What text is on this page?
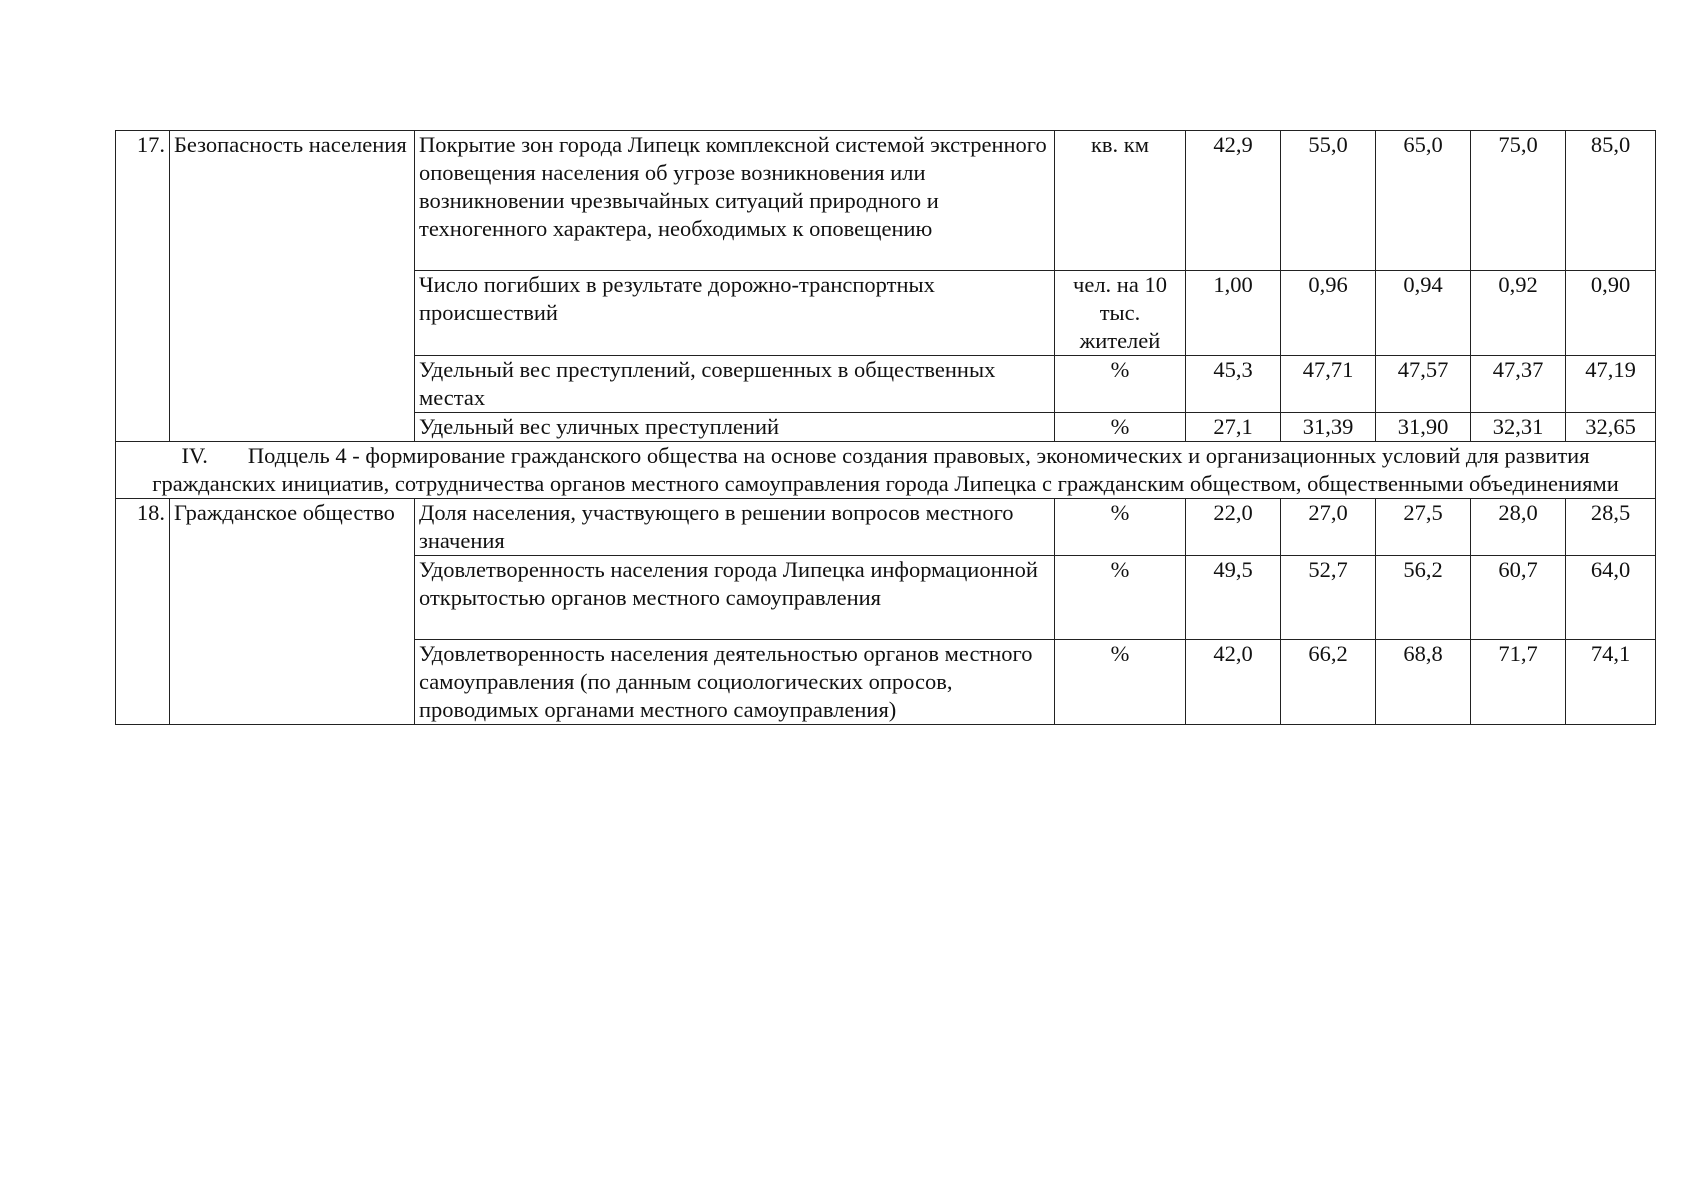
17.	Безопасность населения	Покрытие зон города Липецк комплексной системой экстренного оповещения населения об угрозе возникновения или возникновении чрезвычайных ситуаций природного и техногенного характера, необходимых к оповещению	кв. км	42,9	55,0	65,0	75,0	85,0
		Число погибших в результате дорожно-транспортных происшествий	чел. на 10 тыс. жителей	1,00	0,96	0,94	0,92	0,90
		Удельный вес преступлений, совершенных в общественных местах	%	45,3	47,71	47,57	47,37	47,19
		Удельный вес уличных преступлений	%	27,1	31,39	31,90	32,31	32,65
IV. Подцель 4 - формирование гражданского общества на основе создания правовых, экономических и организационных условий для развития гражданских инициатив, сотрудничества органов местного самоуправления города Липецка с гражданским обществом, общественными объединениями								
18.	Гражданское общество	Доля населения, участвующего в решении вопросов местного значения	%	22,0	27,0	27,5	28,0	28,5
		Удовлетворенность населения города Липецка информационной открытостью органов местного самоуправления	%	49,5	52,7	56,2	60,7	64,0
		Удовлетворенность населения деятельностью органов местного самоуправления (по данным социологических опросов, проводимых органами местного самоуправления)	%	42,0	66,2	68,8	71,7	74,1
